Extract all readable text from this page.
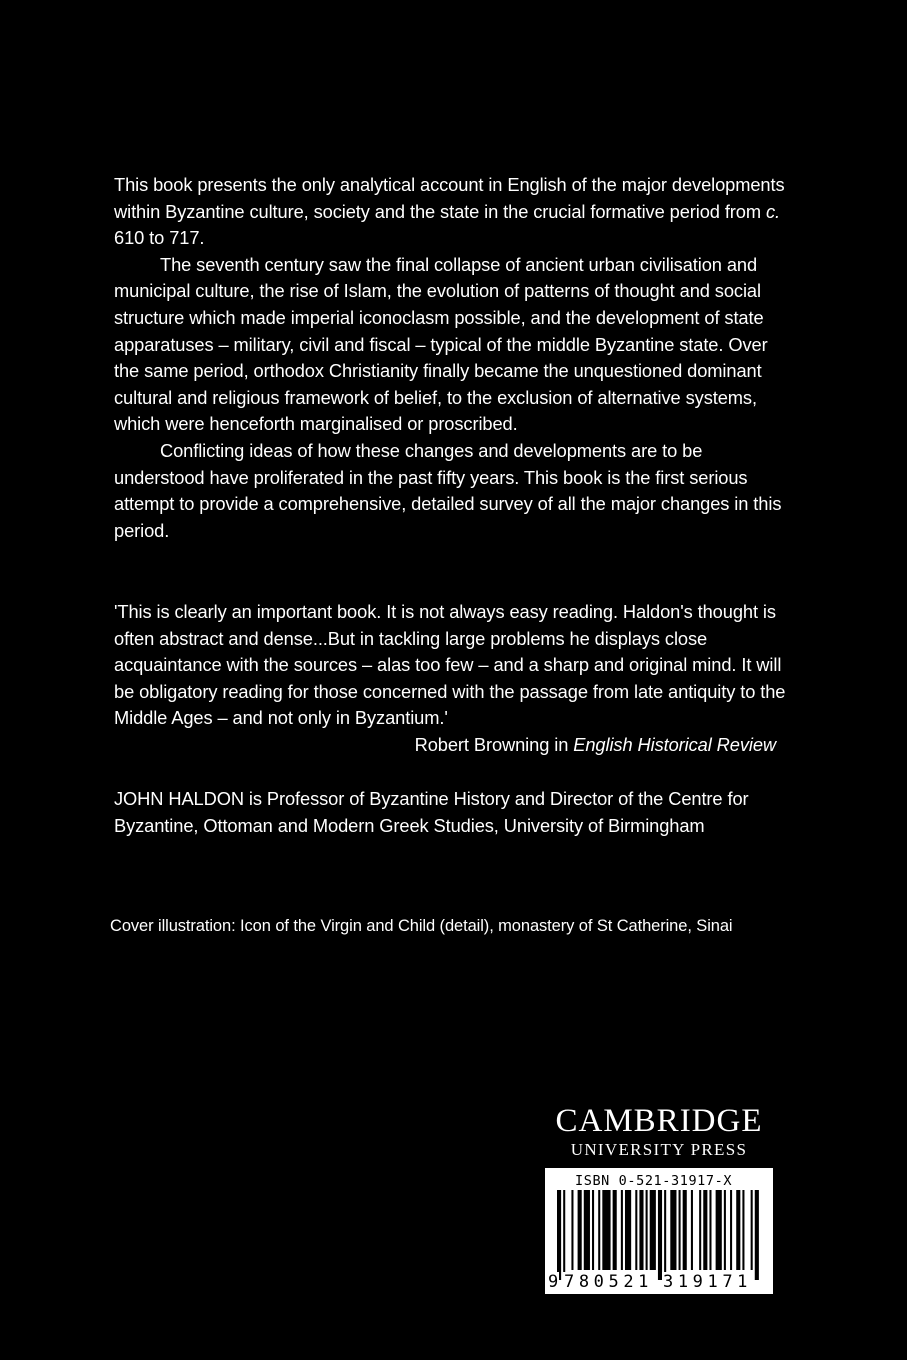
This book presents the only analytical account in English of the major developments within Byzantine culture, society and the state in the crucial formative period from c. 610 to 717.

The seventh century saw the final collapse of ancient urban civilisation and municipal culture, the rise of Islam, the evolution of patterns of thought and social structure which made imperial iconoclasm possible, and the development of state apparatuses – military, civil and fiscal – typical of the middle Byzantine state. Over the same period, orthodox Christianity finally became the unquestioned dominant cultural and religious framework of belief, to the exclusion of alternative systems, which were henceforth marginalised or proscribed.

Conflicting ideas of how these changes and developments are to be understood have proliferated in the past fifty years. This book is the first serious attempt to provide a comprehensive, detailed survey of all the major changes in this period.

'This is clearly an important book. It is not always easy reading. Haldon's thought is often abstract and dense...But in tackling large problems he displays close acquaintance with the sources – alas too few – and a sharp and original mind. It will be obligatory reading for those concerned with the passage from late antiquity to the Middle Ages – and not only in Byzantium.'
Robert Browning in English Historical Review

JOHN HALDON is Professor of Byzantine History and Director of the Centre for Byzantine, Ottoman and Modern Greek Studies, University of Birmingham

Cover illustration: Icon of the Virgin and Child (detail), monastery of St Catherine, Sinai

CAMBRIDGE
UNIVERSITY PRESS
ISBN 0-521-31917-X
9 780521 319171
